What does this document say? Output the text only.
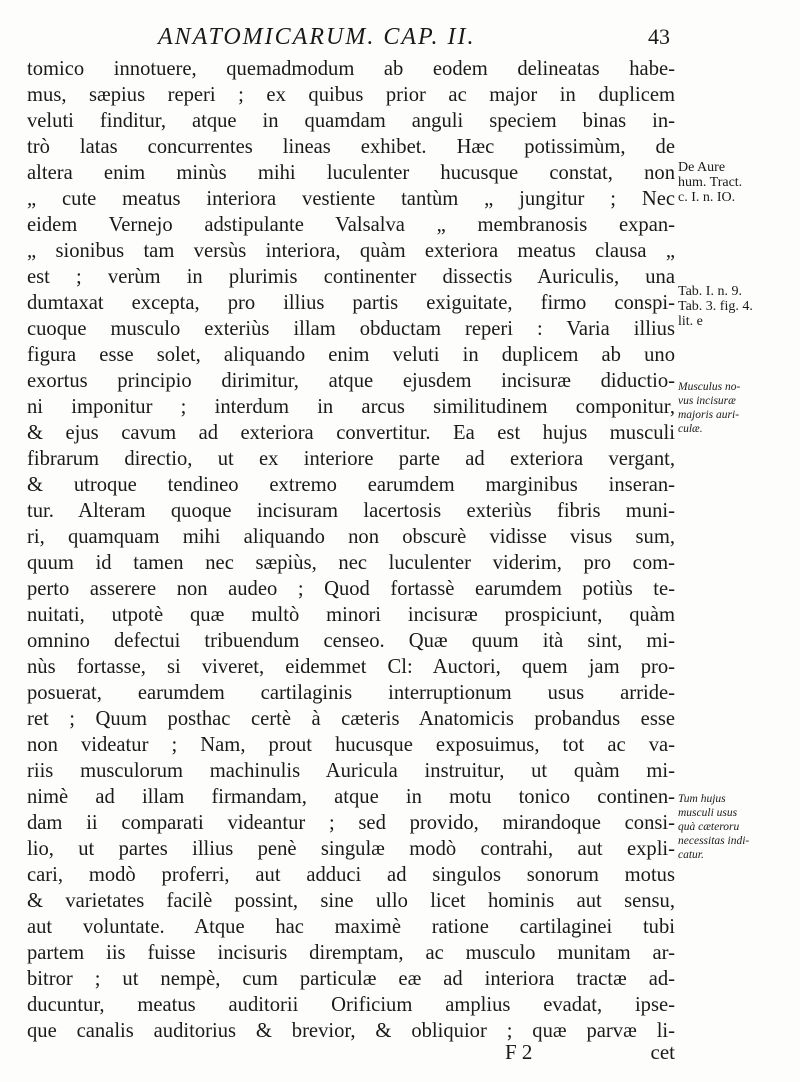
ANATOMICARUM. CAP. II.	43
tomico innotuere, quemadmodum ab eodem delineatas habe-
mus, sæpius reperi ; ex quibus prior ac major in duplicem
veluti finditur, atque in quamdam anguli speciem binas in-
trò latas concurrentes lineas exhibet. Hæc potissimùm, de
altera enim minùs mihi luculenter hucusque constat, non
„ cute meatus interiora vestiente tantùm „ jungitur ; Nec
eidem Vernejo adstipulante Valsalva „ membranosis expan-
„ sionibus tam versùs interiora, quàm exteriora meatus clausa „
est ; verùm in plurimis continenter dissectis Auriculis, una
dumtaxat excepta, pro illius partis exiguitate, firmo conspi-
cuoque musculo exteriùs illam obductam reperi : Varia illius
figura esse solet, aliquando enim veluti in duplicem ab uno
exortus principio dirimitur, atque ejusdem incisuræ diductio-
ni imponitur ; interdum in arcus similitudinem componitur,
& ejus cavum ad exteriora convertitur. Ea est hujus musculi
fibrarum directio, ut ex interiore parte ad exteriora vergant,
& utroque tendineo extremo earumdem marginibus inseran-
tur. Alteram quoque incisuram lacertosis exteriùs fibris muni-
ri, quamquam mihi aliquando non obscurè vidisse visus sum,
quum id tamen nec sæpiùs, nec luculenter viderim, pro com-
perto asserere non audeo ; Quod fortassè earumdem potiùs te-
nuitati, utpotè quæ multò minori incisuræ prospiciunt, quàm
omnino defectui tribuendum censeo. Quæ quum ità sint, mi-
nùs fortasse, si viveret, eidemmet Cl: Auctori, quem jam pro-
posuerat, earumdem cartilaginis interruptionum usus arride-
ret ; Quum posthac certè à cæteris Anatomicis probandus esse
non videatur ; Nam, prout hucusque exposuimus, tot ac va-
riis musculorum machinulis Auricula instruitur, ut quàm mi-
nimè ad illam firmandam, atque in motu tonico continen-
dam ii comparati videantur ; sed provido, mirandoque consi-
lio, ut partes illius penè singulæ modò contrahi, aut expli-
cari, modò proferri, aut adduci ad singulos sonorum motus
& varietates facilè possint, sine ullo licet hominis aut sensu,
aut voluntate. Atque hac maximè ratione cartilaginei tubi
partem iis fuisse incisuris diremptam, ac musculo munitam ar-
bitror ; ut nempè, cum particulæ eæ ad interiora tractæ ad-
ducuntur, meatus auditorii Orificium amplius evadat, ipse-
que canalis auditorius & brevior, & obliquior ; quæ parvæ li-
De Aure
hum. Tract.
c. I. n. IO.
Tab. I. n. 9.
Tab. 3. fig. 4.
lit. e
Musculus no-
vus incisuræ
majoris auri-
culæ.
Tum hujus
musculi usus
quà cæteroru
necessitas indi-
catur.
F 2	cet
